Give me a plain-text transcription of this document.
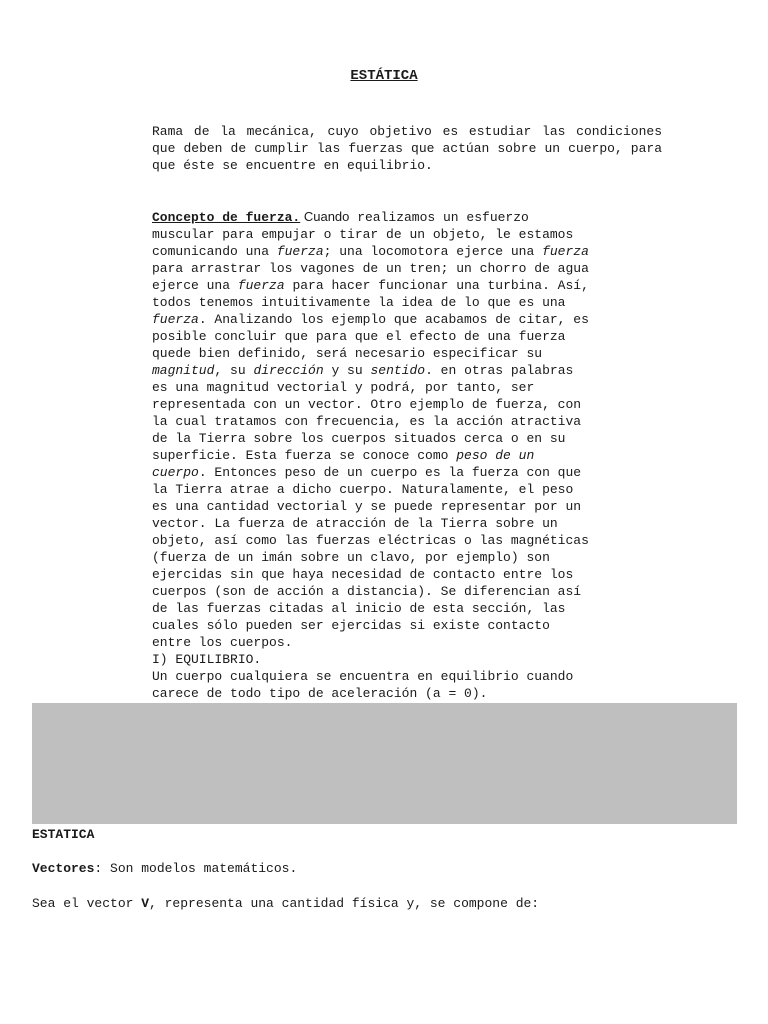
ESTÁTICA

Rama de la mecánica, cuyo objetivo es estudiar las condiciones que deben de cumplir las fuerzas que actúan sobre un cuerpo, para que éste se encuentre en equilibrio.

Concepto de fuerza. Cuando realizamos un esfuerzo
muscular para empujar o tirar de un objeto, le estamos
comunicando una fuerza; una locomotora ejerce una fuerza
para arrastrar los vagones de un tren; un chorro de agua
ejerce una fuerza para hacer funcionar una turbina. Así,
todos tenemos intuitivamente la idea de lo que es una
fuerza. Analizando los ejemplo que acabamos de citar, es
posible concluir que para que el efecto de una fuerza
quede bien definido, será necesario especificar su
magnitud, su dirección y su sentido. en otras palabras
es una magnitud vectorial y podrá, por tanto, ser
representada con un vector. Otro ejemplo de fuerza, con
la cual tratamos con frecuencia, es la acción atractiva
de la Tierra sobre los cuerpos situados cerca o en su
superficie. Esta fuerza se conoce como peso de un
cuerpo. Entonces peso de un cuerpo es la fuerza con que
la Tierra atrae a dicho cuerpo. Naturalamente, el peso
es una cantidad vectorial y se puede representar por un
vector. La fuerza de atracción de la Tierra sobre un
objeto, así como las fuerzas eléctricas o las magnéticas
(fuerza de un imán sobre un clavo, por ejemplo) son
ejercidas sin que haya necesidad de contacto entre los
cuerpos (son de acción a distancia). Se diferencian así
de las fuerzas citadas al inicio de esta sección, las
cuales sólo pueden ser ejercidas si existe contacto
entre los cuerpos.
I) EQUILIBRIO.
Un cuerpo cualquiera se encuentra en equilibrio cuando
carece de todo tipo de aceleración (a = 0).

ESTATICA

Vectores: Son modelos matemáticos.

Sea el vector V, representa una cantidad física y, se compone de:
